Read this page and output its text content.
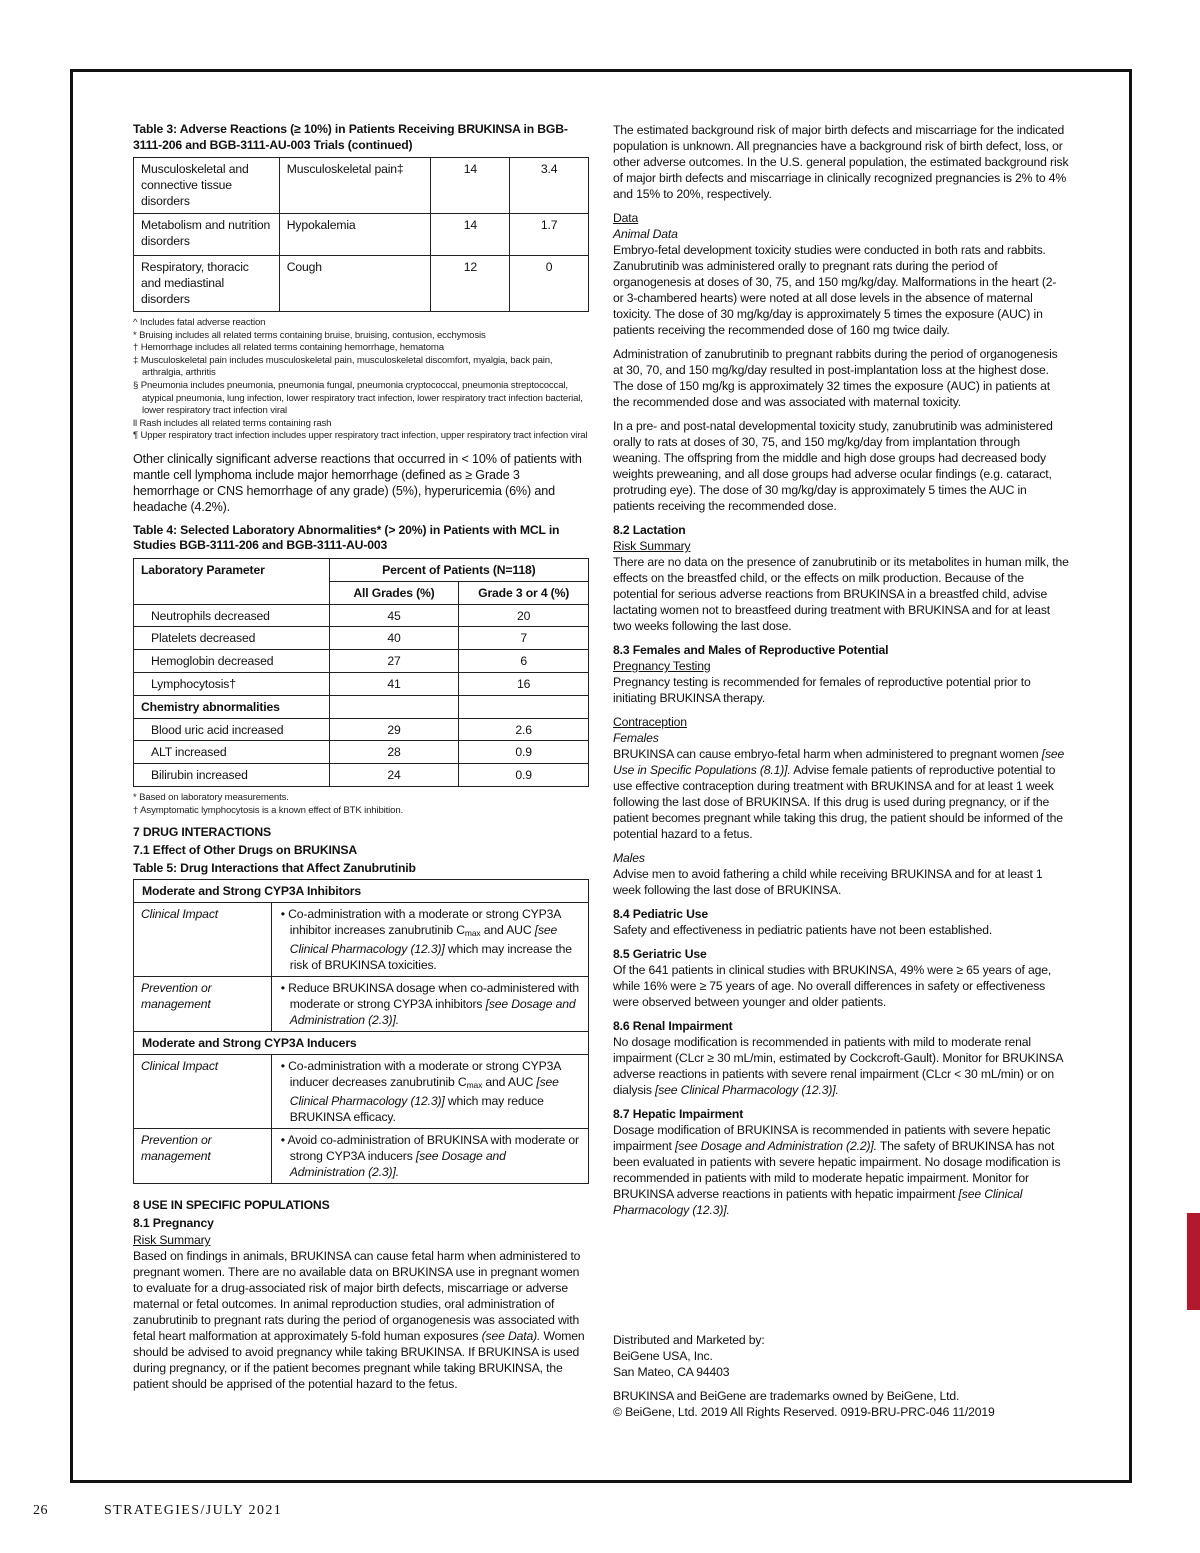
Table 3: Adverse Reactions (≥ 10%) in Patients Receiving BRUKINSA in BGB-3111-206 and BGB-3111-AU-003 Trials (continued)
Musculoskeletal and connective tissue disorders	Musculoskeletal pain‡	14	3.4
Metabolism and nutrition disorders	Hypokalemia	14	1.7
Respiratory, thoracic and mediastinal disorders	Cough	12	0
^ Includes fatal adverse reaction
* Bruising includes all related terms containing bruise, bruising, contusion, ecchymosis
† Hemorrhage includes all related terms containing hemorrhage, hematoma
‡ Musculoskeletal pain includes musculoskeletal pain, musculoskeletal discomfort, myalgia, back pain, arthralgia, arthritis
§ Pneumonia includes pneumonia, pneumonia fungal, pneumonia cryptococcal, pneumonia streptococcal, atypical pneumonia, lung infection, lower respiratory tract infection, lower respiratory tract infection bacterial, lower respiratory tract infection viral
ll Rash includes all related terms containing rash
¶ Upper respiratory tract infection includes upper respiratory tract infection, upper respiratory tract infection viral
Other clinically significant adverse reactions that occurred in < 10% of patients with mantle cell lymphoma include major hemorrhage (defined as ≥ Grade 3 hemorrhage or CNS hemorrhage of any grade) (5%), hyperuricemia (6%) and headache (4.2%).
Table 4: Selected Laboratory Abnormalities* (> 20%) in Patients with MCL in Studies BGB-3111-206 and BGB-3111-AU-003
Laboratory Parameter	Percent of Patients (N=118)	
	All Grades (%)	Grade 3 or 4 (%)
Neutrophils decreased	45	20
Platelets decreased	40	7
Hemoglobin decreased	27	6
Lymphocytosis†	41	16
Chemistry abnormalities		
Blood uric acid increased	29	2.6
ALT increased	28	0.9
Bilirubin increased	24	0.9
* Based on laboratory measurements.
† Asymptomatic lymphocytosis is a known effect of BTK inhibition.
7 DRUG INTERACTIONS
7.1 Effect of Other Drugs on BRUKINSA
Table 5: Drug Interactions that Affect Zanubrutinib
Moderate and Strong CYP3A Inhibitors	
Clinical Impact	• Co-administration with a moderate or strong CYP3A inhibitor increases zanubrutinib $C_{max}$ and AUC [see Clinical Pharmacology (12.3)] which may increase the risk of BRUKINSA toxicities.
Prevention or management	• Reduce BRUKINSA dosage when co-administered with moderate or strong CYP3A inhibitors [see Dosage and Administration (2.3)].
Moderate and Strong CYP3A Inducers	
Clinical Impact	• Co-administration with a moderate or strong CYP3A inducer decreases zanubrutinib $C_{max}$ and AUC [see Clinical Pharmacology (12.3)] which may reduce BRUKINSA efficacy.
Prevention or management	• Avoid co-administration of BRUKINSA with moderate or strong CYP3A inducers [see Dosage and Administration (2.3)].
8 USE IN SPECIFIC POPULATIONS
8.1 Pregnancy
Risk Summary
Based on findings in animals, BRUKINSA can cause fetal harm when administered to pregnant women. There are no available data on BRUKINSA use in pregnant women to evaluate for a drug-associated risk of major birth defects, miscarriage or adverse maternal or fetal outcomes. In animal reproduction studies, oral administration of zanubrutinib to pregnant rats during the period of organogenesis was associated with fetal heart malformation at approximately 5-fold human exposures (see Data). Women should be advised to avoid pregnancy while taking BRUKINSA. If BRUKINSA is used during pregnancy, or if the patient becomes pregnant while taking BRUKINSA, the patient should be apprised of the potential hazard to the fetus.
The estimated background risk of major birth defects and miscarriage for the indicated population is unknown. All pregnancies have a background risk of birth defect, loss, or other adverse outcomes. In the U.S. general population, the estimated background risk of major birth defects and miscarriage in clinically recognized pregnancies is 2% to 4% and 15% to 20%, respectively.
Data
Animal Data
Embryo-fetal development toxicity studies were conducted in both rats and rabbits. Zanubrutinib was administered orally to pregnant rats during the period of organogenesis at doses of 30, 75, and 150 mg/kg/day. Malformations in the heart (2- or 3-chambered hearts) were noted at all dose levels in the absence of maternal toxicity. The dose of 30 mg/kg/day is approximately 5 times the exposure (AUC) in patients receiving the recommended dose of 160 mg twice daily.
Administration of zanubrutinib to pregnant rabbits during the period of organogenesis at 30, 70, and 150 mg/kg/day resulted in post-implantation loss at the highest dose. The dose of 150 mg/kg is approximately 32 times the exposure (AUC) in patients at the recommended dose and was associated with maternal toxicity.
In a pre- and post-natal developmental toxicity study, zanubrutinib was administered orally to rats at doses of 30, 75, and 150 mg/kg/day from implantation through weaning. The offspring from the middle and high dose groups had decreased body weights preweaning, and all dose groups had adverse ocular findings (e.g. cataract, protruding eye). The dose of 30 mg/kg/day is approximately 5 times the AUC in patients receiving the recommended dose.
8.2 Lactation
Risk Summary
There are no data on the presence of zanubrutinib or its metabolites in human milk, the effects on the breastfed child, or the effects on milk production. Because of the potential for serious adverse reactions from BRUKINSA in a breastfed child, advise lactating women not to breastfeed during treatment with BRUKINSA and for at least two weeks following the last dose.
8.3 Females and Males of Reproductive Potential
Pregnancy Testing
Pregnancy testing is recommended for females of reproductive potential prior to initiating BRUKINSA therapy.
Contraception
Females
BRUKINSA can cause embryo-fetal harm when administered to pregnant women [see Use in Specific Populations (8.1)]. Advise female patients of reproductive potential to use effective contraception during treatment with BRUKINSA and for at least 1 week following the last dose of BRUKINSA. If this drug is used during pregnancy, or if the patient becomes pregnant while taking this drug, the patient should be informed of the potential hazard to a fetus.
Males
Advise men to avoid fathering a child while receiving BRUKINSA and for at least 1 week following the last dose of BRUKINSA.
8.4 Pediatric Use
Safety and effectiveness in pediatric patients have not been established.
8.5 Geriatric Use
Of the 641 patients in clinical studies with BRUKINSA, 49% were ≥ 65 years of age, while 16% were ≥ 75 years of age. No overall differences in safety or effectiveness were observed between younger and older patients.
8.6 Renal Impairment
No dosage modification is recommended in patients with mild to moderate renal impairment (CLcr ≥ 30 mL/min, estimated by Cockcroft-Gault). Monitor for BRUKINSA adverse reactions in patients with severe renal impairment (CLcr < 30 mL/min) or on dialysis [see Clinical Pharmacology (12.3)].
8.7 Hepatic Impairment
Dosage modification of BRUKINSA is recommended in patients with severe hepatic impairment [see Dosage and Administration (2.2)]. The safety of BRUKINSA has not been evaluated in patients with severe hepatic impairment. No dosage modification is recommended in patients with mild to moderate hepatic impairment. Monitor for BRUKINSA adverse reactions in patients with hepatic impairment [see Clinical Pharmacology (12.3)].
Distributed and Marketed by:
BeiGene USA, Inc.
San Mateo, CA 94403
BRUKINSA and BeiGene are trademarks owned by BeiGene, Ltd.
© BeiGene, Ltd. 2019 All Rights Reserved. 0919-BRU-PRC-046 11/2019
26	STRATEGIES/JULY 2021
